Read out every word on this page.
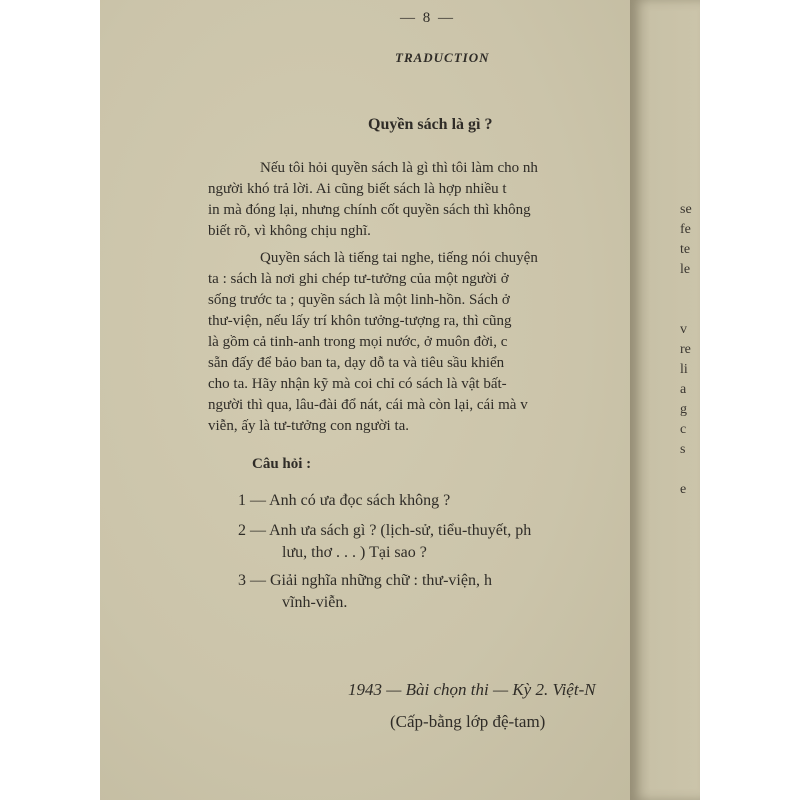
— 8 —
TRADUCTION
Quyền sách là gì ?
Nếu tôi hỏi quyền sách là gì thì tôi làm cho nh
người khó trả lời. Ai cũng biết sách là hợp nhiều t
in mà đóng lại, nhưng chính cốt quyền sách thì không
biết rõ, vì không chịu nghĩ.
Quyền sách là tiếng tai nghe, tiếng nói chuyện
ta : sách là nơi ghi chép tư-tưởng của một người ở
sống trước ta ; quyền sách là một linh-hồn. Sách ở
thư-viện, nếu lấy trí khôn tưởng-tượng ra, thì cũng
là gồm cả tinh-anh trong mọi nước, ở muôn đời, c
sẵn đấy để bảo ban ta, dạy dỗ ta và tiêu sầu khiển
cho ta. Hãy nhận kỹ mà coi chỉ có sách là vật bất-
người thì qua, lâu-đài đổ nát, cái mà còn lại, cái mà v
viễn, ấy là tư-tưởng con người ta.
Câu hỏi :
1 — Anh có ưa đọc sách không ?
2 — Anh ưa sách gì ? (lịch-sử, tiểu-thuyết, ph
lưu, thơ . . . ) Tại sao ?
3 — Giải nghĩa những chữ : thư-viện, h
vĩnh-viễn.
1943 — Bài chọn thi — Kỳ 2. Việt-N
(Cấp-bằng lớp đệ-tam)
se
fe
te
le
v
re
li
a
g
c
s
e
